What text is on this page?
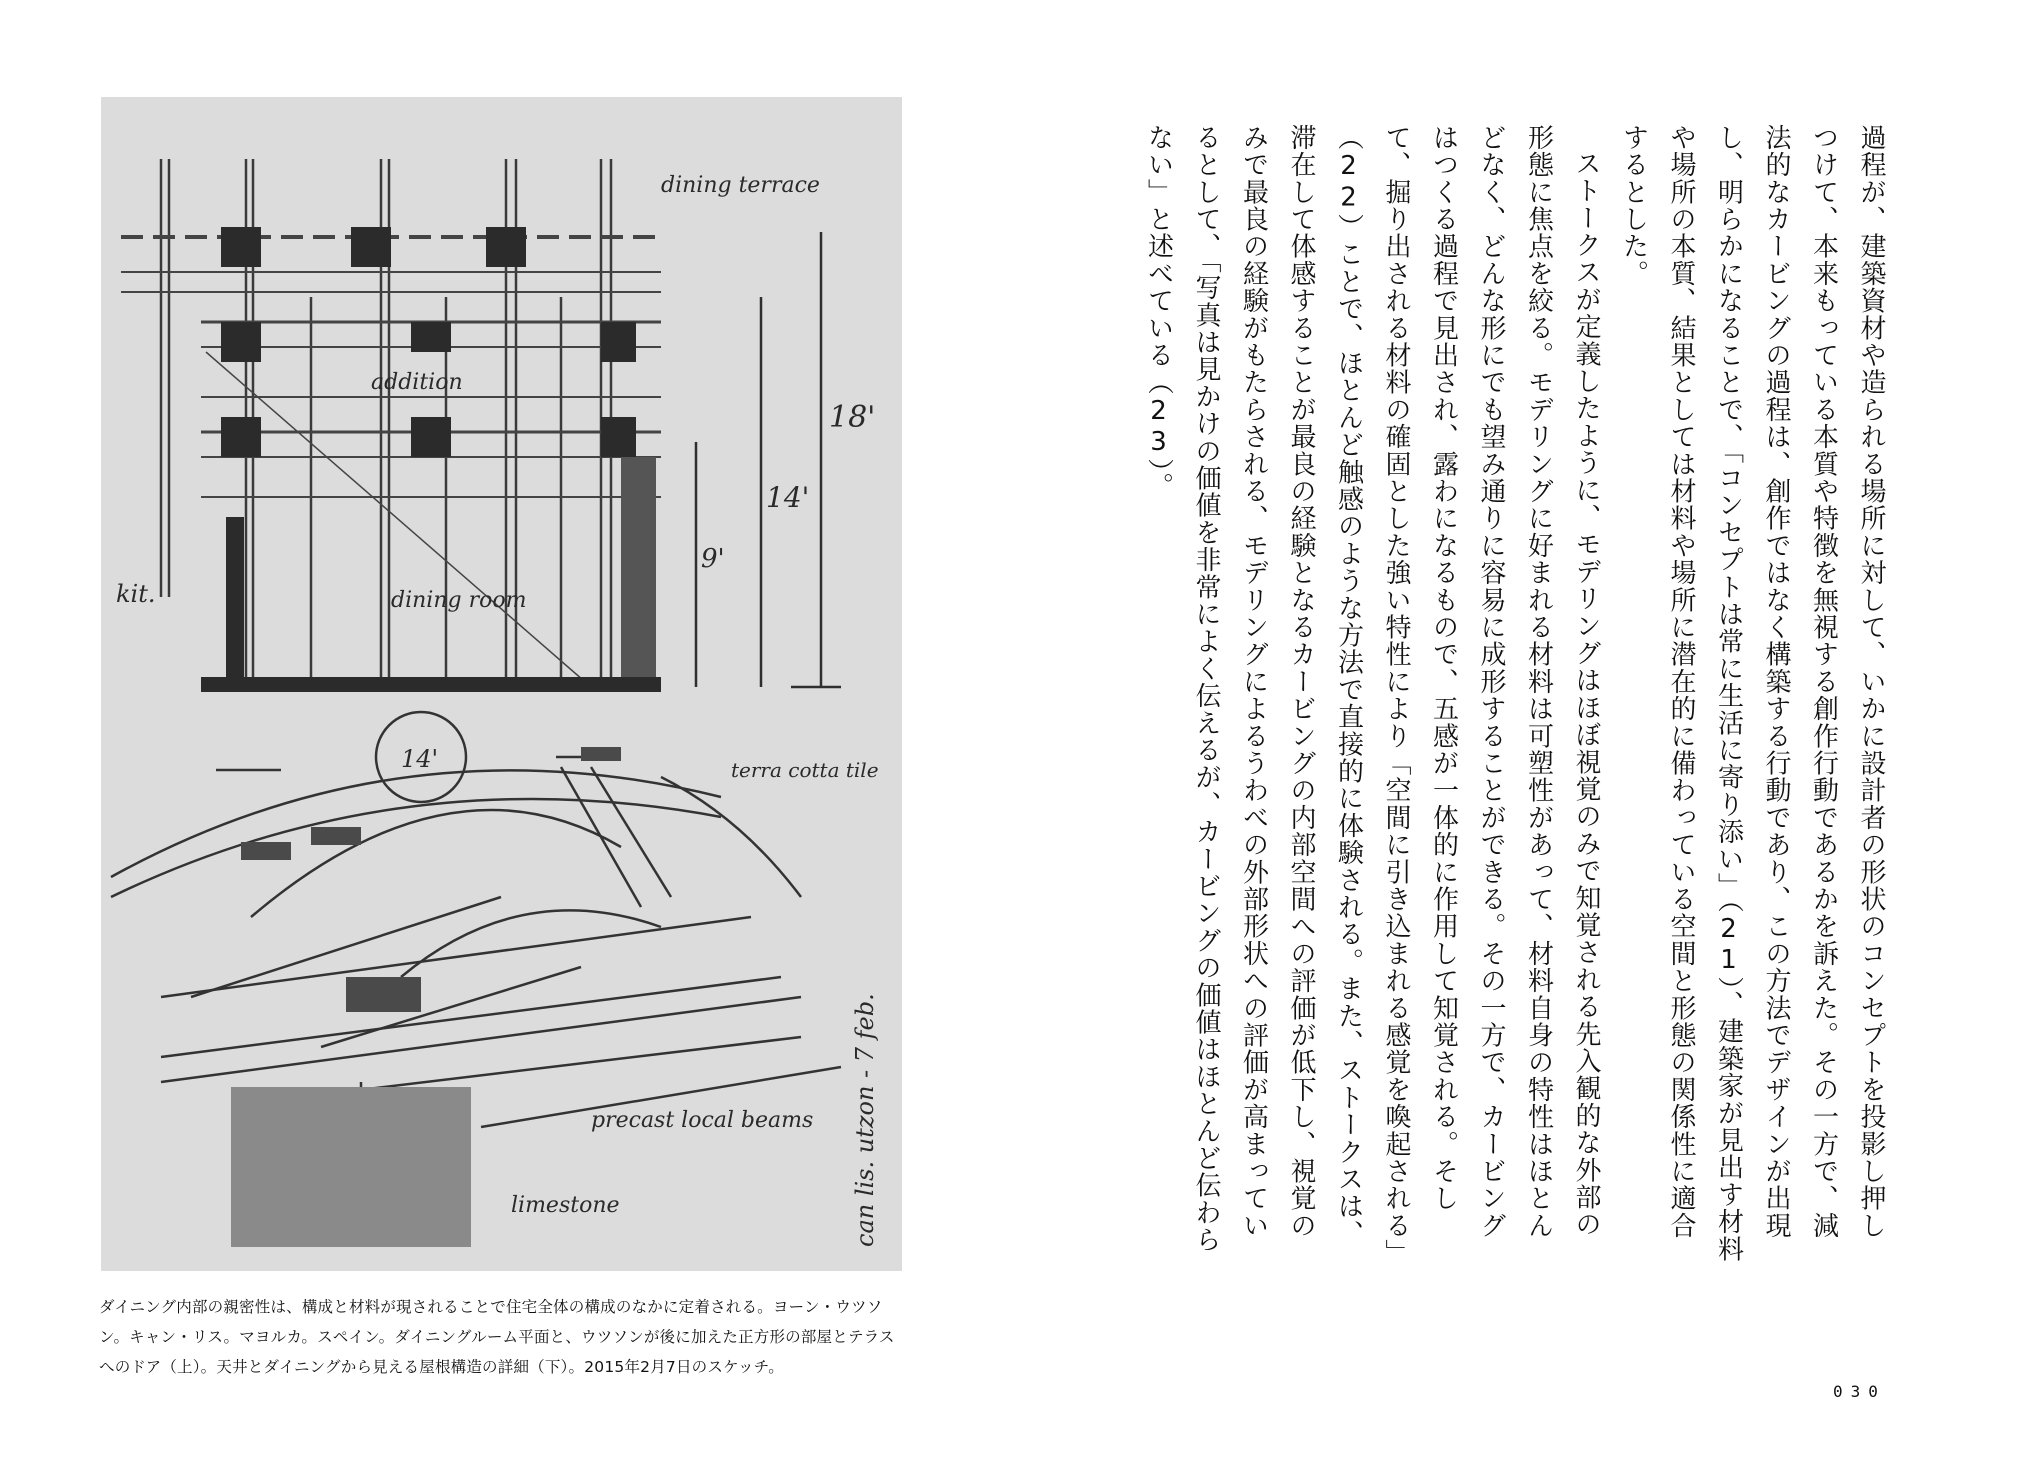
dining terrace
addition
dining room
kit.
18'
14'
9'
14'	terra cotta tile
precast local beams
limestone	can lis. utzon - 7 feb.

ダイニング内部の親密性は、構成と材料が現されることで住宅全体の構成のなかに定着される。ヨーン・ウツソン。キャン・リス。マヨルカ。スペイン。ダイニングルーム平面と、ウツソンが後に加えた正方形の部屋とテラスへのドア（上）。天井とダイニングから見える屋根構造の詳細（下）。2015年2月7日のスケッチ。

過程が、建築資材や造られる場所に対して、いかに設計者の形状のコンセプトを投影し押しつけて、本来もっている本質や特徴を無視する創作行動であるかを訴えた。その一方で、減法的なカービングの過程は、創作ではなく構築する行動であり、この方法でデザインが出現し、明らかになることで、「コンセプトは常に生活に寄り添い」（21）、建築家が見出す材料や場所の本質、結果としては材料や場所に潜在的に備わっている空間と形態の関係性に適合するとした。

ストークスが定義したように、モデリングはほぼ視覚のみで知覚される先入観的な外部の形態に焦点を絞る。モデリングに好まれる材料は可塑性があって、材料自身の特性はほとんどなく、どんな形にでも望み通りに容易に成形することができる。その一方で、カービングはつくる過程で見出され、露わになるもので、五感が一体的に作用して知覚される。そして、掘り出される材料の確固とした強い特性により「空間に引き込まれる感覚を喚起される」（22）ことで、ほとんど触感のような方法で直接的に体験される。また、ストークスは、滞在して体感することが最良の経験となるカービングの内部空間への評価が低下し、視覚のみで最良の経験がもたらされる、モデリングによるうわべの外部形状への評価が高まっているとして、「写真は見かけの価値を非常によく伝えるが、カービングの価値はほとんど伝わらない」と述べている（23）。

030
